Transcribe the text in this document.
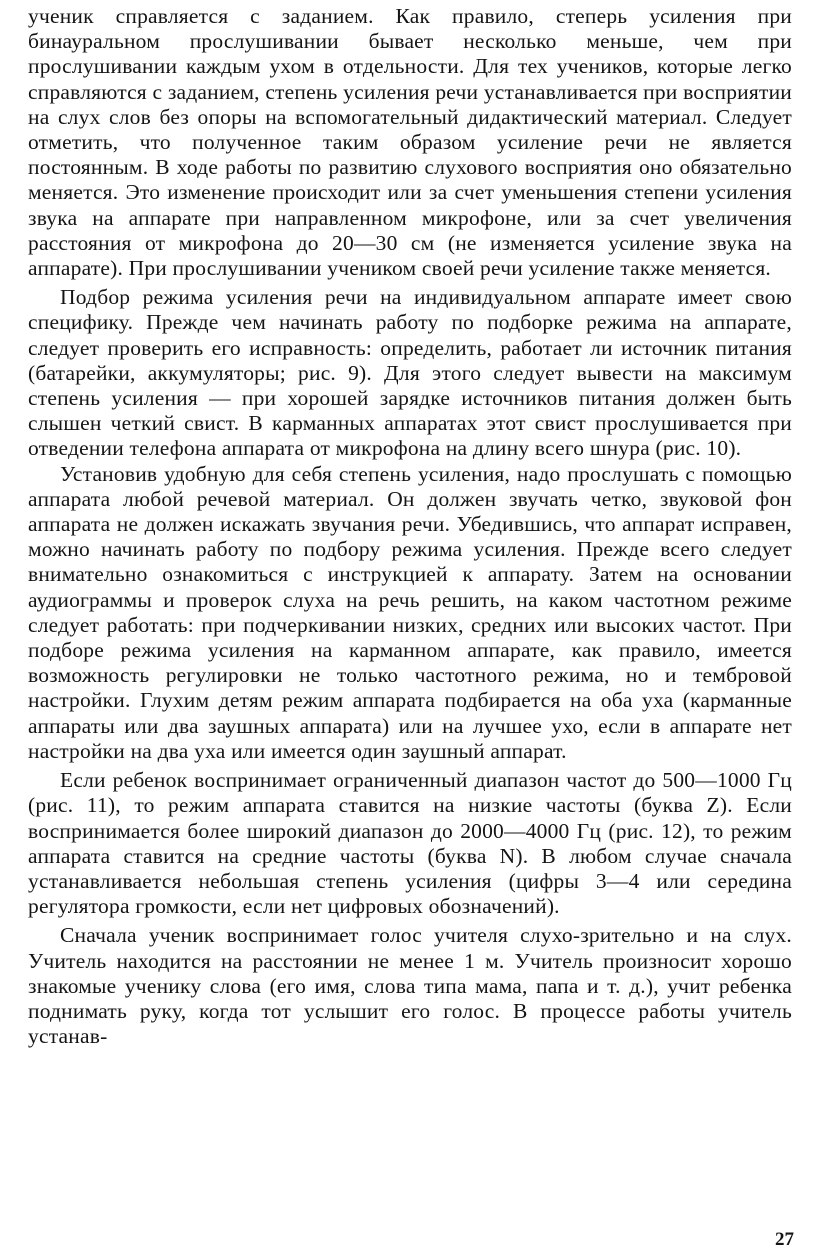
ученик справляется с заданием. Как правило, степерь усиления при бинауральном прослушивании бывает несколько меньше, чем при прослушивании каждым ухом в отдельности. Для тех учеников, которые легко справляются с заданием, степень усиления речи устанавливается при восприятии на слух слов без опоры на вспомогательный дидактический материал. Следует отметить, что полученное таким образом усиление речи не является постоянным. В ходе работы по развитию слухового восприятия оно обязательно меняется. Это изменение происходит или за счет уменьшения степени усиления звука на аппарате при направленном микрофоне, или за счет увеличения расстояния от микрофона до 20—30 см (не изменяется усиление звука на аппарате). При прослушивании учеником своей речи усиление также меняется.

Подбор режима усиления речи на индивидуальном аппарате имеет свою специфику. Прежде чем начинать работу по подборке режима на аппарате, следует проверить его исправность: определить, работает ли источник питания (батарейки, аккумуляторы; рис. 9). Для этого следует вывести на максимум степень усиления — при хорошей зарядке источников питания должен быть слышен четкий свист. В карманных аппаратах этот свист прослушивается при отведении телефона аппарата от микрофона на длину всего шнура (рис. 10).

Установив удобную для себя степень усиления, надо прослушать с помощью аппарата любой речевой материал. Он должен звучать четко, звуковой фон аппарата не должен искажать звучания речи. Убедившись, что аппарат исправен, можно начинать работу по подбору режима усиления. Прежде всего следует внимательно ознакомиться с инструкцией к аппарату. Затем на основании аудиограммы и проверок слуха на речь решить, на каком частотном режиме следует работать: при подчеркивании низких, средних или высоких частот. При подборе режима усиления на карманном аппарате, как правило, имеется возможность регулировки не только частотного режима, но и тембровой настройки. Глухим детям режим аппарата подбирается на оба уха (карманные аппараты или два заушных аппарата) или на лучшее ухо, если в аппарате нет настройки на два уха или имеется один заушный аппарат.

Если ребенок воспринимает ограниченный диапазон частот до 500—1000 Гц (рис. 11), то режим аппарата ставится на низкие частоты (буква Z). Если воспринимается более широкий диапазон до 2000—4000 Гц (рис. 12), то режим аппарата ставится на средние частоты (буква N). В любом случае сначала устанавливается небольшая степень усиления (цифры 3—4 или середина регулятора громкости, если нет цифровых обозначений).

Сначала ученик воспринимает голос учителя слухо-зрительно и на слух. Учитель находится на расстоянии не менее 1 м. Учитель произносит хорошо знакомые ученику слова (его имя, слова типа мама, папа и т. д.), учит ребенка поднимать руку, когда тот услышит его голос. В процессе работы учитель устанав-

27
